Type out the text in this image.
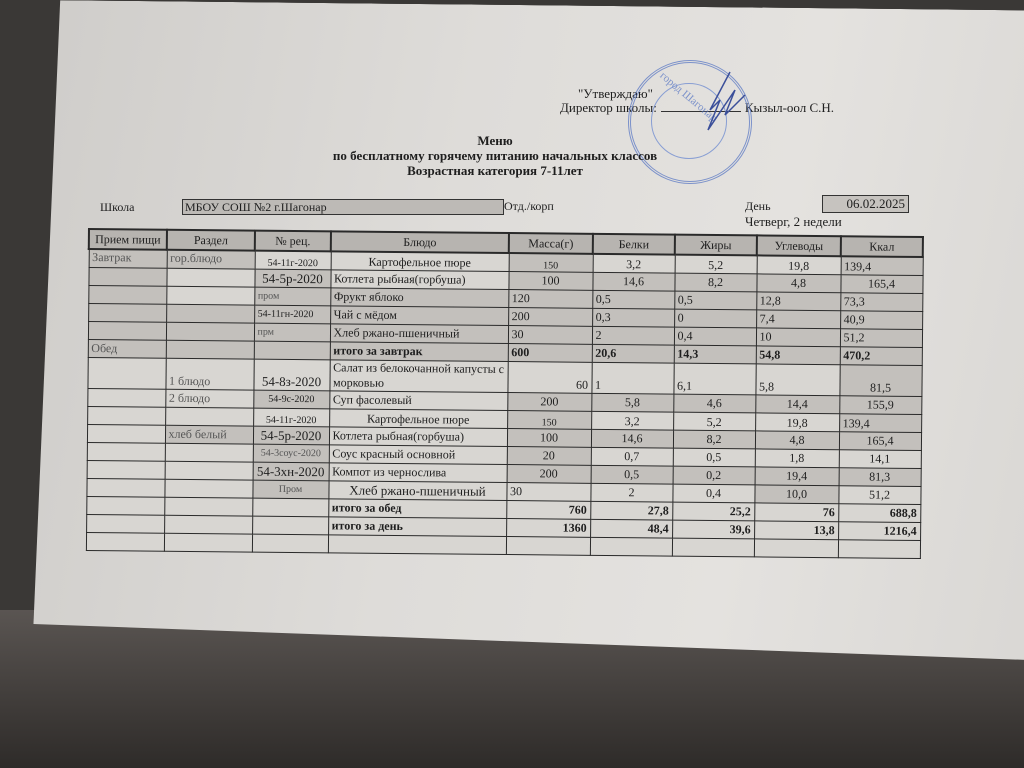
"Утверждаю"
Директор школы:	Кызыл-оол С.Н.
город Шагонар
Меню
по бесплатному горячему питанию начальных классов
Возрастная категория 7-11лет
Школа	МБОУ СОШ №2 г.Шагонар	Отд./корп	День	06.02.2025
Четверг, 2 недели
Прием пищи	Раздел	№ рец.	Блюдо	Масса(г)	Белки	Жиры	Углеводы	Ккал
Завтрак	гор.блюдо	54-11г-2020	Картофельное пюре	150	3,2	5,2	19,8	139,4
		54-5р-2020	Котлета рыбная(горбуша)	100	14,6	8,2	4,8	165,4
		пром	Фрукт яблоко	120	0,5	0,5	12,8	73,3
		54-11гн-2020	Чай с мёдом	200	0,3	0	7,4	40,9
		прм	Хлеб ржано-пшеничный	30	2	0,4	10	51,2
Обед			итого за завтрак	600	20,6	14,3	54,8	470,2
	1 блюдо	54-8з-2020	Салат из белокочанной капусты с морковью	60	1	6,1	5,8	81,5
	2 блюдо	54-9с-2020	Суп фасолевый	200	5,8	4,6	14,4	155,9
		54-11г-2020	Картофельное пюре	150	3,2	5,2	19,8	139,4
	хлеб белый	54-5р-2020	Котлета рыбная(горбуша)	100	14,6	8,2	4,8	165,4
		54-3соус-2020	Соус красный основной	20	0,7	0,5	1,8	14,1
		54-3хн-2020	Компот из чернослива	200	0,5	0,2	19,4	81,3
		Пром	Хлеб ржано-пшеничный	30	2	0,4	10,0	51,2
			итого за обед	760	27,8	25,2	76	688,8
			итого за день	1360	48,4	39,6	13,8	1216,4
